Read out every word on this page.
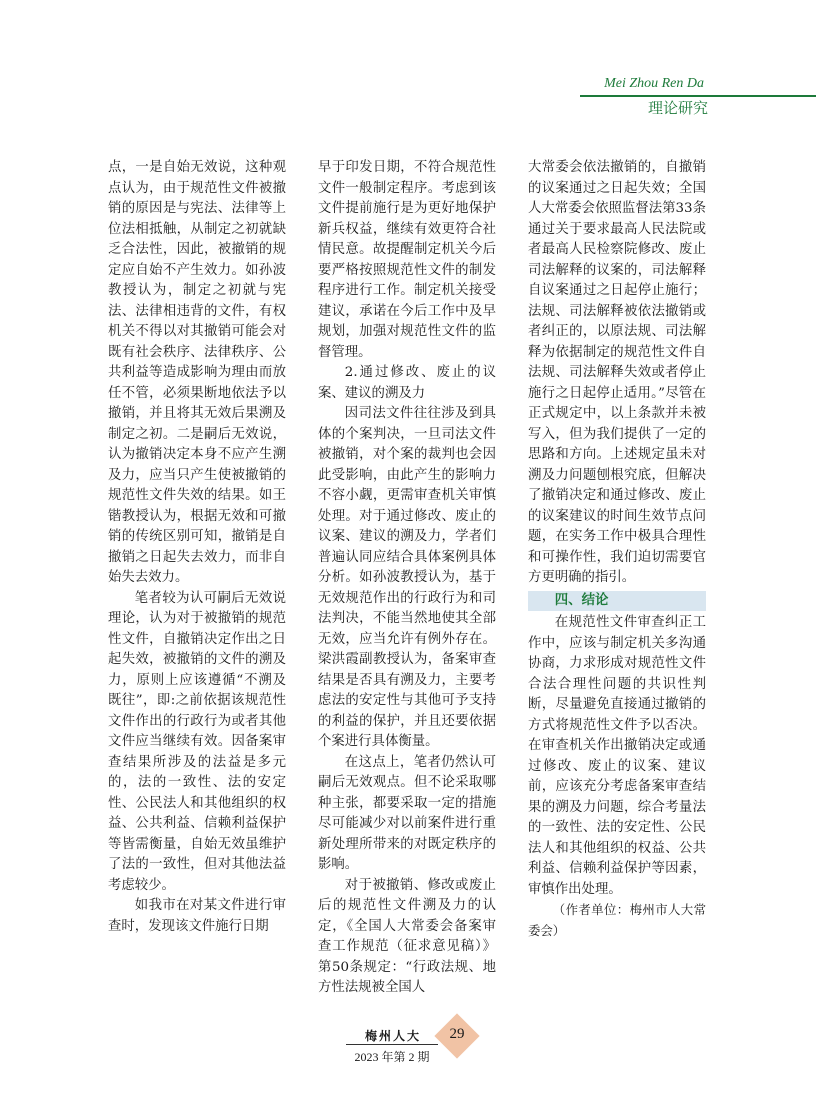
Mei Zhou Ren Da
理论研究

点，一是自始无效说，这种观点认为，由于规范性文件被撤销的原因是与宪法、法律等上位法相抵触，从制定之初就缺乏合法性，因此，被撤销的规定应自始不产生效力。如孙波教授认为，制定之初就与宪法、法律相违背的文件，有权机关不得以对其撤销可能会对既有社会秩序、法律秩序、公共利益等造成影响为理由而放任不管，必须果断地依法予以撤销，并且将其无效后果溯及制定之初。二是嗣后无效说，认为撤销决定本身不应产生溯及力，应当只产生使被撤销的规范性文件失效的结果。如王锴教授认为，根据无效和可撤销的传统区别可知，撤销是自撤销之日起失去效力，而非自始失去效力。

笔者较为认可嗣后无效说理论，认为对于被撤销的规范性文件，自撤销决定作出之日起失效，被撤销的文件的溯及力，原则上应该遵循“不溯及既往”，即:之前依据该规范性文件作出的行政行为或者其他文件应当继续有效。因备案审查结果所涉及的法益是多元的，法的一致性、法的安定性、公民法人和其他组织的权益、公共利益、信赖利益保护等皆需衡量，自始无效虽维护了法的一致性，但对其他法益考虑较少。

如我市在对某文件进行审查时，发现该文件施行日期

早于印发日期，不符合规范性文件一般制定程序。考虑到该文件提前施行是为更好地保护新兵权益，继续有效更符合社情民意。故提醒制定机关今后要严格按照规范性文件的制发程序进行工作。制定机关接受建议，承诺在今后工作中及早规划，加强对规范性文件的监督管理。

2.通过修改、废止的议案、建议的溯及力

因司法文件往往涉及到具体的个案判决，一旦司法文件被撤销，对个案的裁判也会因此受影响，由此产生的影响力不容小觑，更需审查机关审慎处理。对于通过修改、废止的议案、建议的溯及力，学者们普遍认同应结合具体案例具体分析。如孙波教授认为，基于无效规范作出的行政行为和司法判决，不能当然地使其全部无效，应当允许有例外存在。梁洪霞副教授认为，备案审查结果是否具有溯及力，主要考虑法的安定性与其他可予支持的利益的保护，并且还要依据个案进行具体衡量。

在这点上，笔者仍然认可嗣后无效观点。但不论采取哪种主张，都要采取一定的措施尽可能减少对以前案件进行重新处理所带来的对既定秩序的影响。

对于被撤销、修改或废止后的规范性文件溯及力的认定，《全国人大常委会备案审查工作规范（征求意见稿）》第50条规定：“行政法规、地方性法规被全国人

大常委会依法撤销的，自撤销的议案通过之日起失效；全国人大常委会依照监督法第33条通过关于要求最高人民法院或者最高人民检察院修改、废止司法解释的议案的，司法解释自议案通过之日起停止施行；法规、司法解释被依法撤销或者纠正的，以原法规、司法解释为依据制定的规范性文件自法规、司法解释失效或者停止施行之日起停止适用。”尽管在正式规定中，以上条款并未被写入，但为我们提供了一定的思路和方向。上述规定虽未对溯及力问题刨根究底，但解决了撤销决定和通过修改、废止的议案建议的时间生效节点问题，在实务工作中极具合理性和可操作性，我们迫切需要官方更明确的指引。

四、结论

在规范性文件审查纠正工作中，应该与制定机关多沟通协商，力求形成对规范性文件合法合理性问题的共识性判断，尽量避免直接通过撤销的方式将规范性文件予以否决。在审查机关作出撤销决定或通过修改、废止的议案、建议前，应该充分考虑备案审查结果的溯及力问题，综合考量法的一致性、法的安定性、公民法人和其他组织的权益、公共利益、信赖利益保护等因素，审慎作出处理。

（作者单位：梅州市人大常委会）

梅州人大
2023 年第 2 期
29
